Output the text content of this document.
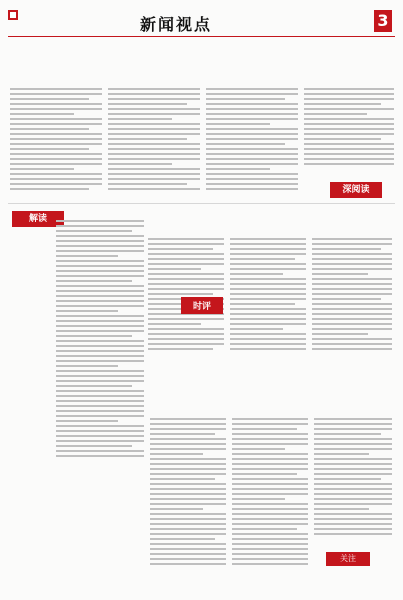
新闻视点	3
深阅读
解读
时评
关注
